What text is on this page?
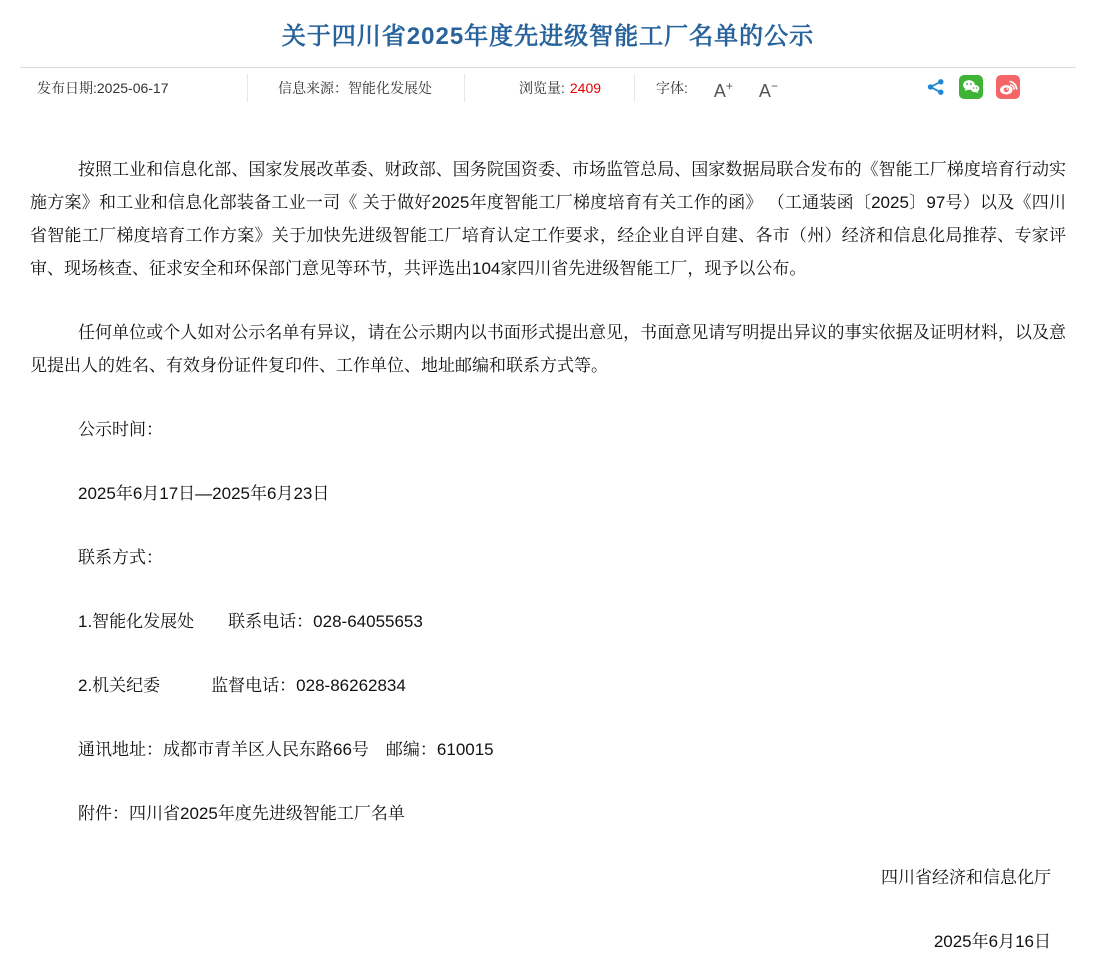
关于四川省2025年度先进级智能工厂名单的公示
发布日期: 2025-06-17	信息来源： 智能化发展处	浏览量: 2409	字体: A+ A−

按照工业和信息化部、国家发展改革委、财政部、国务院国资委、市场监管总局、国家数据局联合发布的《智能工厂梯度培育行动实施方案》和工业和信息化部装备工业一司《 关于做好2025年度智能工厂梯度培育有关工作的函》 （工通装函〔2025〕97号）以及《四川省智能工厂梯度培育工作方案》关于加快先进级智能工厂培育认定工作要求，经企业自评自建、各市（州）经济和信息化局推荐、专家评审、现场核查、征求安全和环保部门意见等环节，共评选出104家四川省先进级智能工厂，现予以公布。

任何单位或个人如对公示名单有异议，请在公示期内以书面形式提出意见，书面意见请写明提出异议的事实依据及证明材料，以及意见提出人的姓名、有效身份证件复印件、工作单位、地址邮编和联系方式等。

公示时间：

2025年6月17日—2025年6月23日

联系方式：

1.智能化发展处　　联系电话：028-64055653

2.机关纪委　　　监督电话：028-86262834

通讯地址：成都市青羊区人民东路66号　邮编：610015

附件：四川省2025年度先进级智能工厂名单

四川省经济和信息化厅

2025年6月16日
